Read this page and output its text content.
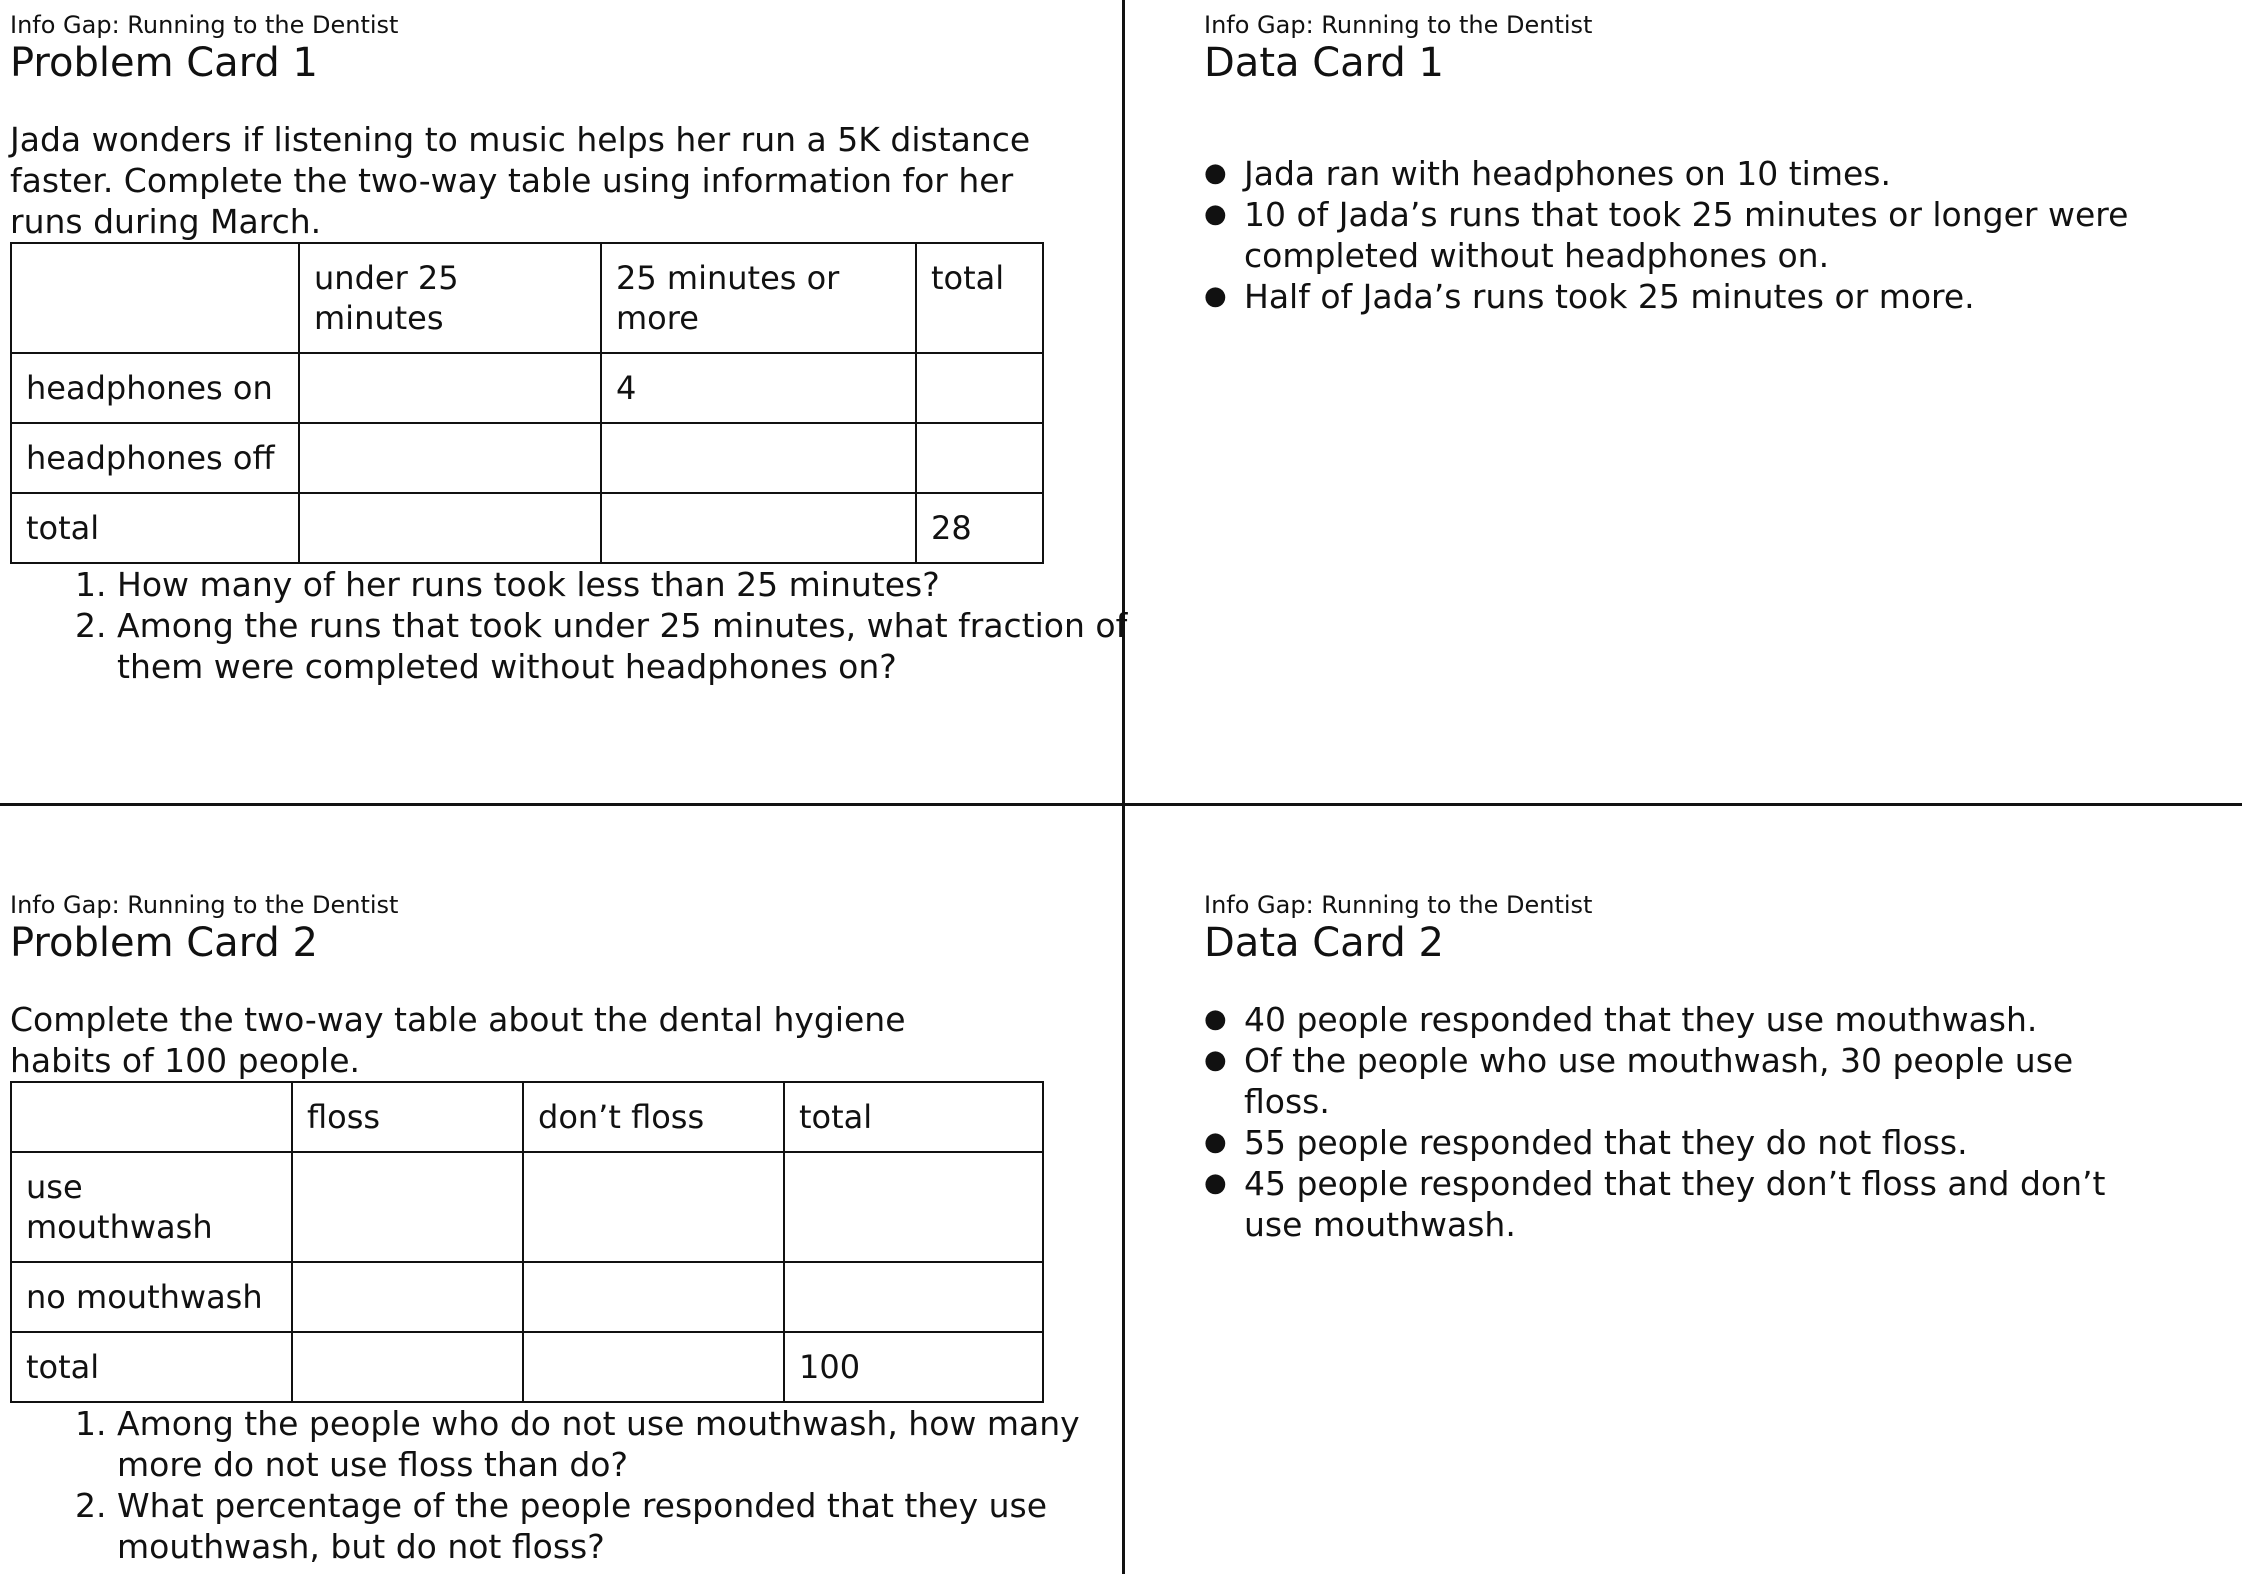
Info Gap: Running to the Dentist
Problem Card 1

Jada wonders if listening to music helps her run a 5K distance faster. Complete the two-way table using information for her runs during March.

	under 25 minutes	25 minutes or more	total
headphones on		4	
headphones off			
total			28
1. How many of her runs took less than 25 minutes?
2. Among the runs that took under 25 minutes, what fraction of them were completed without headphones on?
Info Gap: Running to the Dentist
Data Card 1
● Jada ran with headphones on 10 times.
● 10 of Jada’s runs that took 25 minutes or longer were completed without headphones on.
● Half of Jada’s runs took 25 minutes or more.
Info Gap: Running to the Dentist
Problem Card 2

Complete the two-way table about the dental hygiene habits of 100 people.

	floss	don’t floss	total
use mouthwash			
no mouthwash			
total			100
1. Among the people who do not use mouthwash, how many more do not use floss than do?
2. What percentage of the people responded that they use mouthwash, but do not floss?
Info Gap: Running to the Dentist
Data Card 2
● 40 people responded that they use mouthwash.
● Of the people who use mouthwash, 30 people use floss.
● 55 people responded that they do not floss.
● 45 people responded that they don’t floss and don’t use mouthwash.
